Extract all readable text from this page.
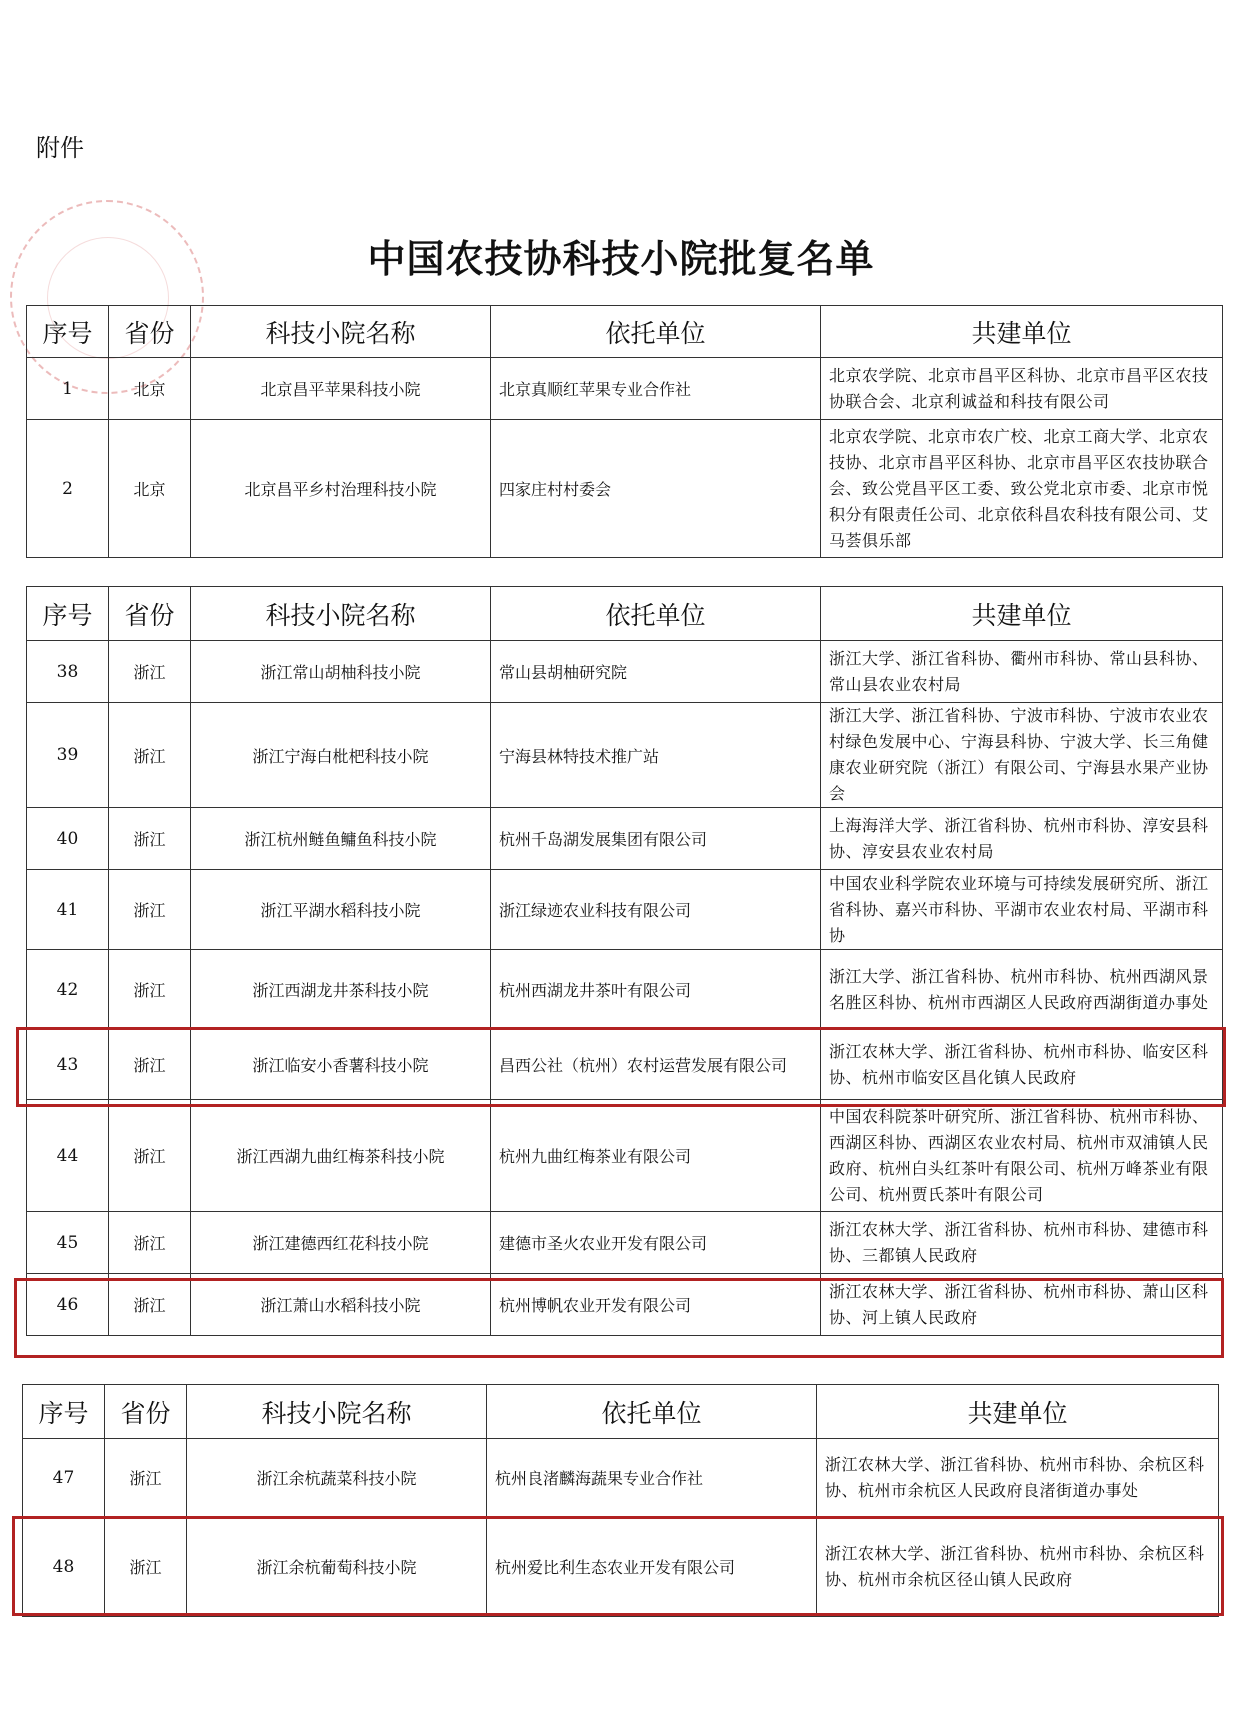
附件
中国农技协科技小院批复名单
序号	省份	科技小院名称	依托单位	共建单位
1	北京	北京昌平苹果科技小院	北京真顺红苹果专业合作社	北京农学院、北京市昌平区科协、北京市昌平区农技协联合会、北京利诚益和科技有限公司
2	北京	北京昌平乡村治理科技小院	四家庄村村委会	北京农学院、北京市农广校、北京工商大学、北京农技协、北京市昌平区科协、北京市昌平区农技协联合会、致公党昌平区工委、致公党北京市委、北京市悦积分有限责任公司、北京依科昌农科技有限公司、艾马荟俱乐部
序号	省份	科技小院名称	依托单位	共建单位
38	浙江	浙江常山胡柚科技小院	常山县胡柚研究院	浙江大学、浙江省科协、衢州市科协、常山县科协、常山县农业农村局
39	浙江	浙江宁海白枇杷科技小院	宁海县林特技术推广站	浙江大学、浙江省科协、宁波市科协、宁波市农业农村绿色发展中心、宁海县科协、宁波大学、长三角健康农业研究院（浙江）有限公司、宁海县水果产业协会
40	浙江	浙江杭州鲢鱼鳙鱼科技小院	杭州千岛湖发展集团有限公司	上海海洋大学、浙江省科协、杭州市科协、淳安县科协、淳安县农业农村局
41	浙江	浙江平湖水稻科技小院	浙江绿迹农业科技有限公司	中国农业科学院农业环境与可持续发展研究所、浙江省科协、嘉兴市科协、平湖市农业农村局、平湖市科协
42	浙江	浙江西湖龙井茶科技小院	杭州西湖龙井茶叶有限公司	浙江大学、浙江省科协、杭州市科协、杭州西湖风景名胜区科协、杭州市西湖区人民政府西湖街道办事处
43	浙江	浙江临安小香薯科技小院	昌西公社（杭州）农村运营发展有限公司	浙江农林大学、浙江省科协、杭州市科协、临安区科协、杭州市临安区昌化镇人民政府
44	浙江	浙江西湖九曲红梅茶科技小院	杭州九曲红梅茶业有限公司	中国农科院茶叶研究所、浙江省科协、杭州市科协、西湖区科协、西湖区农业农村局、杭州市双浦镇人民政府、杭州白头红茶叶有限公司、杭州万峰茶业有限公司、杭州贾氏茶叶有限公司
45	浙江	浙江建德西红花科技小院	建德市圣火农业开发有限公司	浙江农林大学、浙江省科协、杭州市科协、建德市科协、三都镇人民政府
46	浙江	浙江萧山水稻科技小院	杭州博帆农业开发有限公司	浙江农林大学、浙江省科协、杭州市科协、萧山区科协、河上镇人民政府
序号	省份	科技小院名称	依托单位	共建单位
47	浙江	浙江余杭蔬菜科技小院	杭州良渚麟海蔬果专业合作社	浙江农林大学、浙江省科协、杭州市科协、余杭区科协、杭州市余杭区人民政府良渚街道办事处
48	浙江	浙江余杭葡萄科技小院	杭州爱比利生态农业开发有限公司	浙江农林大学、浙江省科协、杭州市科协、余杭区科协、杭州市余杭区径山镇人民政府
